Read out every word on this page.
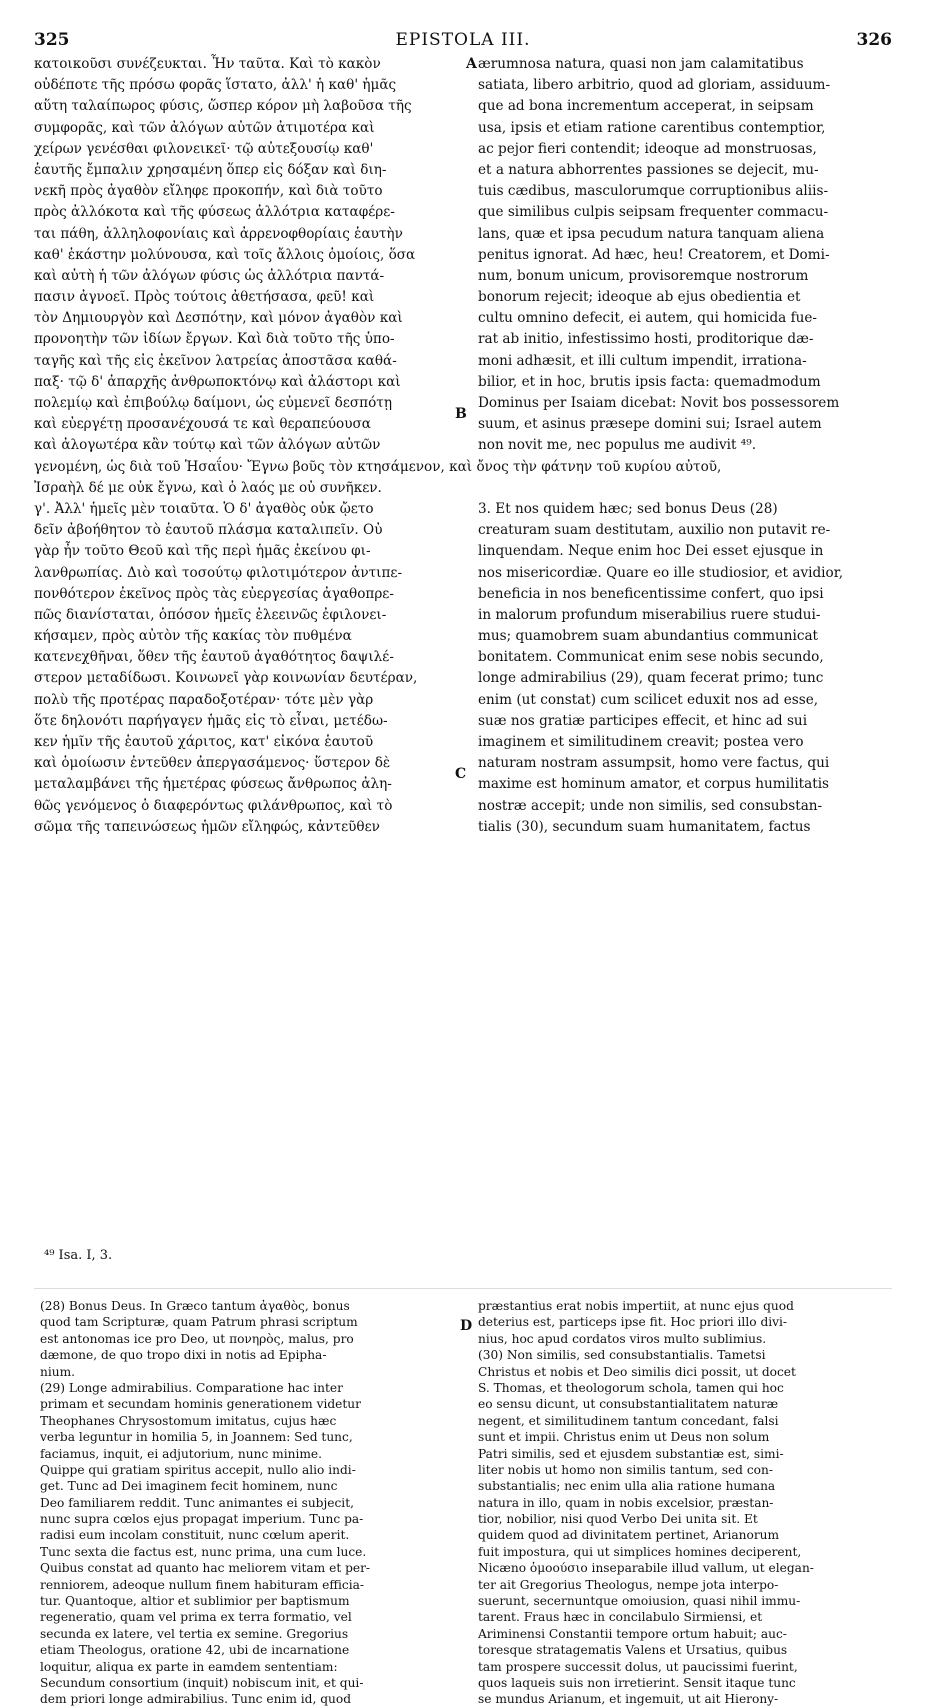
325	EPISTOLA III.	326
κατοικοῦσι συνέζευκται. Ἦν ταῦτα. Καὶ τὸ κακὸν
οὐδέποτε τῆς πρόσω φορᾶς ἵστατο, ἀλλ' ἡ καθ' ἡμᾶς
αὕτη ταλαίπωρος φύσις, ὥσπερ κόρον μὴ λαβοῦσα τῆς
συμφορᾶς, καὶ τῶν ἀλόγων αὐτῶν ἀτιμοτέρα καὶ
χείρων γενέσθαι φιλονεικεῖ· τῷ αὐτεξουσίῳ καθ'
ἑαυτῆς ἔμπαλιν χρησαμένη ὅπερ εἰς δόξαν καὶ διη-
νεκῆ πρὸς ἀγαθὸν εἴληφε προκοπήν, καὶ διὰ τοῦτο
πρὸς ἀλλόκοτα καὶ τῆς φύσεως ἀλλότρια καταφέρε-
ται πάθη, ἀλληλοφονίαις καὶ ἀρρενοφθορίαις ἑαυτὴν
καθ' ἑκάστην μολύνουσα, καὶ τοῖς ἄλλοις ὁμοίοις, ὅσα
καὶ αὐτὴ ἡ τῶν ἀλόγων φύσις ὡς ἀλλότρια παντά-
πασιν ἀγνοεῖ. Πρὸς τούτοις ἀθετήσασα, φεῦ! καὶ
τὸν Δημιουργὸν καὶ Δεσπότην, καὶ μόνον ἀγαθὸν καὶ
προνοητὴν τῶν ἰδίων ἔργων. Καὶ διὰ τοῦτο τῆς ὑπο-
ταγῆς καὶ τῆς εἰς ἐκεῖνον λατρείας ἀποστᾶσα καθά-
παξ· τῷ δ' ἀπαρχῆς ἀνθρωποκτόνῳ καὶ ἀλάστορι καὶ
πολεμίῳ καὶ ἐπιβούλῳ δαίμονι, ὡς εὐμενεῖ δεσπότῃ
καὶ εὐεργέτῃ προσανέχουσά τε καὶ θεραπεύουσα
καὶ ἀλογωτέρα κἂν τούτῳ καὶ τῶν ἀλόγων αὐτῶν
γενομένη, ὡς διὰ τοῦ Ἡσαΐου· Ἔγνω βοῦς τὸν κτησάμενον, καὶ ὄνος τὴν φάτνην τοῦ κυρίου αὐτοῦ,
Ἰσραὴλ δέ με οὐκ ἔγνω, καὶ ὁ λαός με οὐ συνῆκεν.
γ'. Ἀλλ' ἡμεῖς μὲν τοιαῦτα. Ὁ δ' ἀγαθὸς οὐκ ᾤετο
δεῖν ἀβοήθητον τὸ ἑαυτοῦ πλάσμα καταλιπεῖν. Οὐ
γὰρ ἦν τοῦτο Θεοῦ καὶ τῆς περὶ ἡμᾶς ἐκείνου φι-
λανθρωπίας. Διὸ καὶ τοσούτῳ φιλοτιμότερον ἀντιπε-
πονθότερον ἐκεῖνος πρὸς τὰς εὐεργεσίας ἀγαθοπρε-
πῶς διανίσταται, ὁπόσον ἡμεῖς ἐλεεινῶς ἐφιλονει-
κήσαμεν, πρὸς αὐτὸν τῆς κακίας τὸν πυθμένα
κατενεχθῆναι, ὅθεν τῆς ἑαυτοῦ ἀγαθότητος δαψιλέ-
στερον μεταδίδωσι. Κοινωνεῖ γὰρ κοινωνίαν δευτέραν,
πολὺ τῆς προτέρας παραδοξοτέραν· τότε μὲν γὰρ
ὅτε δηλονότι παρήγαγεν ἡμᾶς εἰς τὸ εἶναι, μετέδω-
κεν ἡμῖν τῆς ἑαυτοῦ χάριτος, κατ' εἰκόνα ἑαυτοῦ
καὶ ὁμοίωσιν ἐντεῦθεν ἀπεργασάμενος· ὕστερον δὲ
μεταλαμβάνει τῆς ἡμετέρας φύσεως ἄνθρωπος ἀλη-
θῶς γενόμενος ὁ διαφερόντως φιλάνθρωπος, καὶ τὸ
σῶμα τῆς ταπεινώσεως ἡμῶν εἴληφώς, κἀντεῦθεν
ærumnosa natura, quasi non jam calamitatibus
satiata, libero arbitrio, quod ad gloriam, assiduum-
que ad bona incrementum acceperat, in seipsam
usa, ipsis et etiam ratione carentibus contemptior,
ac pejor fieri contendit; ideoque ad monstruosas,
et a natura abhorrentes passiones se dejecit, mu-
tuis cædibus, masculorumque corruptionibus aliis-
que similibus culpis seipsam frequenter commacu-
lans, quæ et ipsa pecudum natura tanquam aliena
penitus ignorat. Ad hæc, heu! Creatorem, et Domi-
num, bonum unicum, provisoremque nostrorum
bonorum rejecit; ideoque ab ejus obedientia et
cultu omnino defecit, ei autem, qui homicida fue-
rat ab initio, infestissimo hosti, proditorique dæ-
moni adhæsit, et illi cultum impendit, irrationa-
bilior, et in hoc, brutis ipsis facta: quemadmodum
Dominus per Isaiam dicebat: Novit bos possessorem
suum, et asinus præsepe domini sui; Israel autem
non novit me, nec populus me audivit ⁴⁹.
3. Et nos quidem hæc; sed bonus Deus (28)
creaturam suam destitutam, auxilio non putavit re-
linquendam. Neque enim hoc Dei esset ejusque in
nos misericordiæ. Quare eo ille studiosior, et avidior,
beneficia in nos beneficentissime confert, quo ipsi
in malorum profundum miserabilius ruere studui-
mus; quamobrem suam abundantius communicat
bonitatem. Communicat enim sese nobis secundo,
longe admirabilius (29), quam fecerat primo; tunc
enim (ut constat) cum scilicet eduxit nos ad esse,
suæ nos gratiæ participes effecit, et hinc ad sui
imaginem et similitudinem creavit; postea vero
naturam nostram assumpsit, homo vere factus, qui
maxime est hominum amator, et corpus humilitatis
nostræ accepit; unde non similis, sed consubstan-
tialis (30), secundum suam humanitatem, factus
A
B
C
D
⁴⁹ Isa. I, 3.
(28) Bonus Deus. In Græco tantum ἀγαθὸς, bonus
quod tam Scripturæ, quam Patrum phrasi scriptum
est antonomas ice pro Deo, ut πονηρὸς, malus, pro
dæmone, de quo tropo dixi in notis ad Epipha-
nium.
(29) Longe admirabilius. Comparatione hac inter
primam et secundam hominis generationem videtur
Theophanes Chrysostomum imitatus, cujus hæc
verba leguntur in homilia 5, in Joannem: Sed tunc,
faciamus, inquit, ei adjutorium, nunc minime.
Quippe qui gratiam spiritus accepit, nullo alio indi-
get. Tunc ad Dei imaginem fecit hominem, nunc
Deo familiarem reddit. Tunc animantes ei subjecit,
nunc supra cœlos ejus propagat imperium. Tunc pa-
radisi eum incolam constituit, nunc cœlum aperit.
Tunc sexta die factus est, nunc prima, una cum luce.
Quibus constat ad quanto hac meliorem vitam et per-
renniorem, adeoque nullum finem habituram efficia-
tur. Quantoque, altior et sublimior per baptismum
regeneratio, quam vel prima ex terra formatio, vel
secunda ex latere, vel tertia ex semine. Gregorius
etiam Theologus, oratione 42, ubi de incarnatione
loquitur, aliqua ex parte in eamdem sententiam:
Secundum consortium (inquit) nobiscum init, et qui-
dem priori longe admirabilius. Tunc enim id, quod
præstantius erat nobis impertiit, at nunc ejus quod
deterius est, particeps ipse fit. Hoc priori illo divi-
nius, hoc apud cordatos viros multo sublimius.
(30) Non similis, sed consubstantialis. Tametsi
Christus et nobis et Deo similis dici possit, ut docet
S. Thomas, et theologorum schola, tamen qui hoc
eo sensu dicunt, ut consubstantialitatem naturæ
negent, et similitudinem tantum concedant, falsi
sunt et impii. Christus enim ut Deus non solum
Patri similis, sed et ejusdem substantiæ est, simi-
liter nobis ut homo non similis tantum, sed con-
substantialis; nec enim ulla alia ratione humana
natura in illo, quam in nobis excelsior, præstan-
tior, nobilior, nisi quod Verbo Dei unita sit. Et
quidem quod ad divinitatem pertinet, Arianorum
fuit impostura, qui ut simplices homines deciperent,
Nicæno ὁμοούσιο inseparabile illud vallum, ut elegan-
ter ait Gregorius Theologus, nempe jota interpo-
suerunt, secernuntque omoiusion, quasi nihil immu-
tarent. Fraus hæc in concilabulo Sirmiensi, et
Ariminensi Constantii tempore ortum habuit; auc-
toresque stratagematis Valens et Ursatius, quibus
tam prospere successit dolus, ut paucissimi fuerint,
quos laqueis suis non irretierint. Sensit itaque tunc
se mundus Arianum, et ingemuit, ut ait Hierony-
